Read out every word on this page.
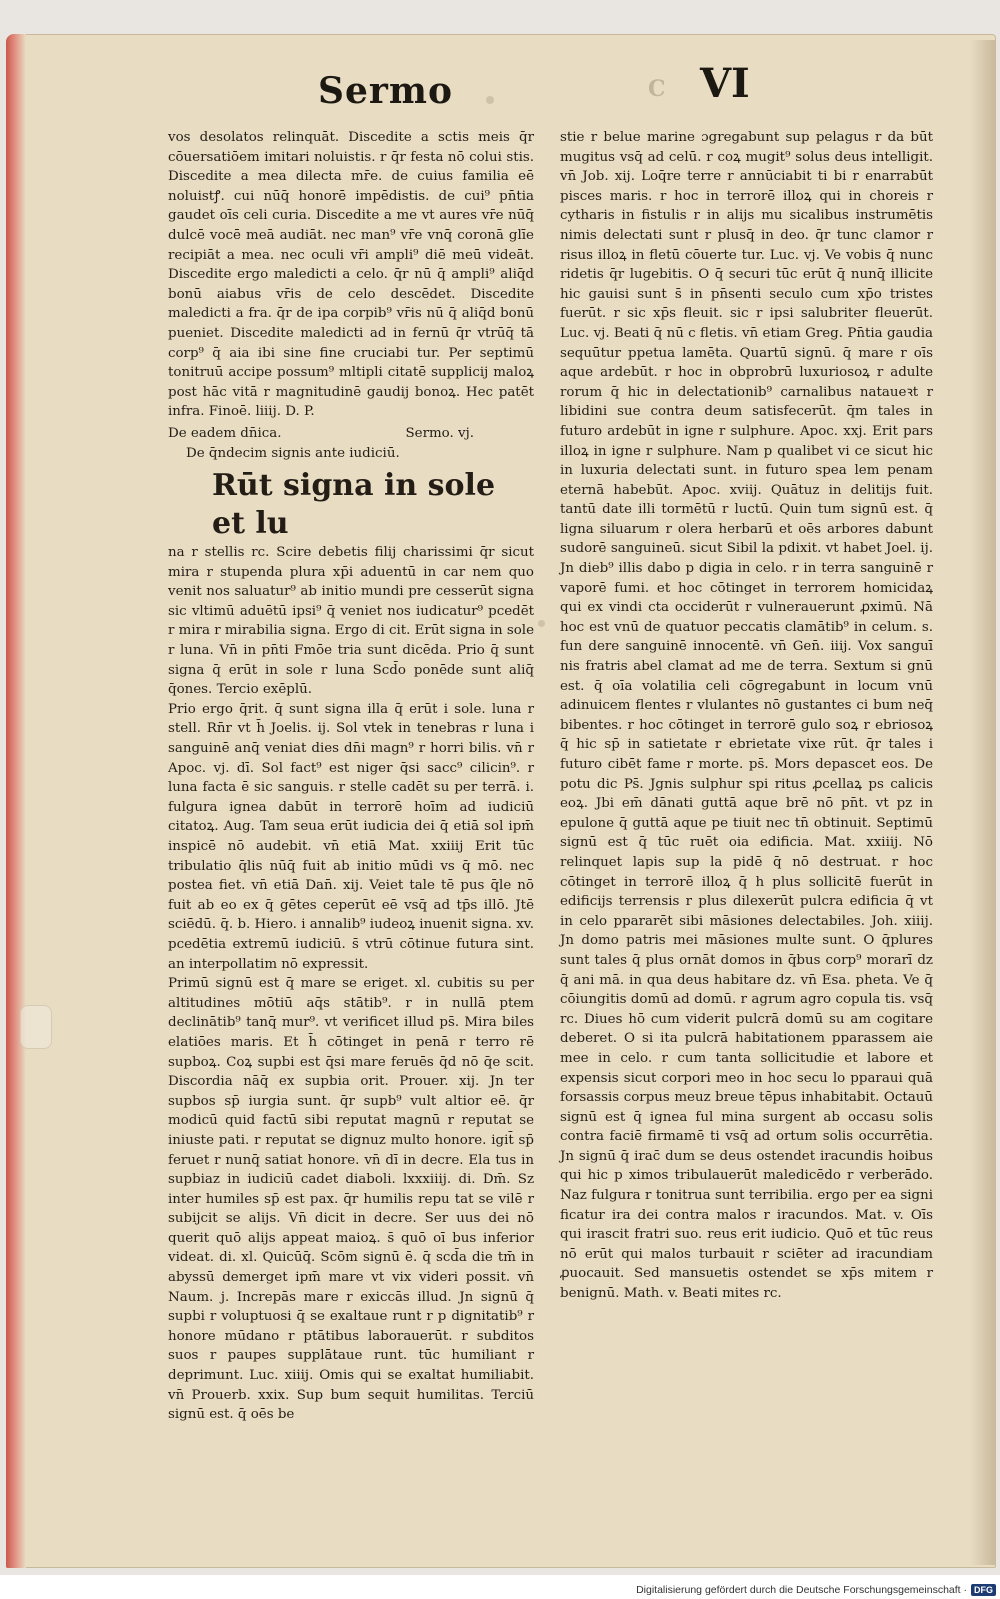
Sermo	C VI

vos desolatos relinquāt. Discedite a sctis meis q̄r cōuersatiōem imitari noluistis. r q̄r festa nō colui stis. Discedite a mea dilecta mr̄e. de cuius familia eē noluistꝭ. cui nūq̄ honorē impēdistis. de cui⁹ pn̄tia gaudet oīs celi curia. Discedite a me vt aures vr̄e nūq̄ dulcē vocē meā audiāt. nec man⁹ vr̄e vnq̄ coronā glīe recipiāt a mea. nec oculi vr̄i ampli⁹ diē meū videāt. Discedite ergo maledicti a celo. q̄r nū q̄ ampli⁹ aliq̄d bonū aiabus vr̄is de celo descēdet. Discedite maledicti a fra. q̄r de ipa corpib⁹ vr̄is nū q̄ aliq̄d bonū pueniet. Discedite maledicti ad in fernū q̄r vtrūq̄ tā corp⁹ q̄ aia ibi sine fine cruciabi tur. Per septimū tonitruū accipe possum⁹ mltipli citatē supplicij maloꝝ post hāc vitā r magnitudinē gaudij bonoꝝ. Hec patēt infra. Finoē. liiij. D. P.

De eadem dn̄ica.	Sermo. vj.

De q̄ndecim signis ante iudiciū.

Rūt signa in sole et lu

na r stellis rc. Scire debetis filij charissimi q̄r sicut mira r stupenda plura xp̄i aduentū in car nem quo venit nos saluatur⁹ ab initio mundi pre cesserūt signa sic vltimū aduētū ipsi⁹ q̄ veniet nos iudicatur⁹ pcedēt r mira r mirabilia signa. Ergo di cit. Erūt signa in sole r luna. Vn̄ in pn̄ti Fmōe tria sunt dicēda. Pri̇o q̄ sunt signa q̄ erūt in sole r luna Scd̄o ponēde sunt aliq̄ q̄ones. Tercio exēplū.

Pri̇o ergo q̄rit. q̄ sunt signa illa q̄ erūt i sole. luna r stell. Rn̄r vt h̄ Joelis. ij. Sol vtek in tenebras r luna i sanguinē anq̄ veniat dies dn̄i magn⁹ r horri bilis. vn̄ r Apoc. vj. dī. Sol fact⁹ est niger q̄si sacc⁹ cilicin⁹. r luna facta ē sic sanguis. r stelle cadēt su per terrā. i. fulgura ignea dabūt in terrorē hoīm ad iudiciū citatoꝝ. Aug. Tam seua erūt iudicia dei q̄ etiā sol ipm̄ inspicē nō audebit. vn̄ etiā Mat. xxiiij Erit tūc tribulatio q̄lis nūq̄ fuit ab initio mūdi vs q̄ mō. nec postea fiet. vn̄ etiā Dan̄. xij. Veiet tale tē pus q̄le nō fuit ab eo ex q̄ gētes ceperūt eē vsq̄ ad tp̄s illō. Jtē sciēdū. q̄. b. Hiero. i annalib⁹ iudeoꝝ inuenit signa. xv. pcedētia extremū iudiciū. s̄ vtrū cōtinue futura sint. an interpollatim nō expressit.

Primū signū est q̄ mare se eriget. xl. cubitis su per altitudines mōtiū aq̄s stātib⁹. r in nullā ptem declinātib⁹ tanq̄ mur⁹. vt verificet illud ps̄. Mira biles elatiōes maris. Et h̄ cōtinget in penā r terro rē supboꝝ. Coꝝ supbi est q̄si mare feruēs q̄d nō q̄e scit. Discordia nāq̄ ex supbia orit. Prouer. xij. Jn ter supbos sp̄ iurgia sunt. q̄r supb⁹ vult altior eē. q̄r modicū quid factū sibi reputat magnū r reputat se iniuste pati. r reputat se dignuz multo honore. igit̄ sp̄ feruet r nunq̄ satiat honore. vn̄ dī in decre. Ela tus in supbiaz in iudiciū cadet diaboli. lxxxiiij. di. Dm̄. Sz inter humiles sp̄ est pax. q̄r humilis repu tat se vilē r subijcit se alijs. Vn̄ dicit in decre. Ser uus dei nō querit quō alijs appeat maioꝝ. s̄ quō oī bus inferior videat. di. xl. Quicūq̄. Scōm signū ē. q̄ scd̄a die tm̄ in abyssū demerget ipm̄ mare vt vix videri possit. vn̄ Naum. j. Increpās mare r exiccās illud. Jn signū q̄ supbi r voluptuosi q̄ se exaltaue runt r p dignitatib⁹ r honore mūdano r ptātibus laborauerūt. r subditos suos r paupes supplātaue runt. tūc humiliant r deprimunt. Luc. xiiij. Omis qui se exaltat humiliabit. vn̄ Prouerb. xxix. Sup bum sequit humilitas. Terciū signū est. q̄ oēs be

stie r belue marine ɔgregabunt sup pelagus r da būt mugitus vsq̄ ad celū. r coꝝ mugit⁹ solus deus intelligit. vn̄ Job. xij. Loq̄re terre r annūciabit ti bi r enarrabūt pisces maris. r hoc in terrorē illoꝝ qui in choreis r cytharis in fistulis r in alijs mu sicalibus instrumētis nimis delectati sunt r plusq̄ in deo. q̄r tunc clamor r risus illoꝝ in fletū cōuerte tur. Luc. vj. Ve vobis q̄ nunc ridetis q̄r lugebitis. O q̄ securi tūc erūt q̄ nunq̄ illicite hic gauisi sunt s̄ in pn̄senti seculo cum xp̄o tristes fuerūt. r sic xp̄s fleuit. sic r ipsi salubriter fleuerūt. Luc. vj. Beati q̄ nū c fletis. vn̄ etiam Greg. Pn̄tia gaudia sequūtur ppetua lamēta. Quartū signū. q̄ mare r oīs aque ardebūt. r hoc in obprobrū luxuriosoꝝ r adulte rorum q̄ hic in delectationib⁹ carnalibus nataueꝛt r libidini sue contra deum satisfecerūt. q̄m tales in futuro ardebūt in igne r sulphure. Apoc. xxj. Erit pars illoꝝ in igne r sulphure. Nam p qualibet vi ce sicut hic in luxuria delectati sunt. in futuro spea lem penam eternā habebūt. Apoc. xviij. Quātuz in delitijs fuit. tantū date illi tormētū r luctū. Quin tum signū est. q̄ ligna siluarum r olera herbarū et oēs arbores dabunt sudorē sanguineū. sicut Sibil la pdixit. vt habet Joel. ij. Jn dieb⁹ illis dabo p digia in celo. r in terra sanguinē r vaporē fumi. et hoc cōtinget in terrorem homicidaꝝ qui ex vindi cta occiderūt r vulnerauerunt ꝓximū. Nā hoc est vnū de quatuor peccatis clamātib⁹ in celum. s. fun dere sanguinē innocentē. vn̄ Gen̄. iiij. Vox sanguī nis fratris abel clamat ad me de terra. Sextum si gnū est. q̄ oīa volatilia celi cōgregabunt in locum vnū adinuicem flentes r vlulantes nō gustantes ci bum neq̄ bibentes. r hoc cōtinget in terrorē gulo soꝝ r ebriosoꝝ q̄ hic sp̄ in satietate r ebrietate vixe rūt. q̄r tales i futuro cibēt fame r morte. ps̄. Mors depascet eos. De potu dic Ps̄. Jgnis sulphur spi ritus ꝓcellaꝝ ps calicis eoꝝ. Jbi em̄ dānati guttā aque brē nō pn̄t. vt pz in epulone q̄ guttā aque pe tiuit nec tn̄ obtinuit. Septimū signū est q̄ tūc ruēt oia edificia. Mat. xxiiij. Nō relinquet lapis sup la pidē q̄ nō destruat. r hoc cōtinget in terrorē illoꝝ q̄ h plus sollicitē fuerūt in edificijs terrensis r plus dilexerūt pulcra edificia q̄ vt in celo ppararēt sibi māsiones delectabiles. Joh. xiiij. Jn domo patris mei māsiones multe sunt. O q̄plures sunt tales q̄ plus ornāt domos in q̄bus corp⁹ morarī dz q̄ ani mā. in qua deus habitare dz. vn̄ Esa. pheta. Ve q̄ cōiungitis domū ad domū. r agrum agro copula tis. vsq̄ rc. Diues hō cum viderit pulcrā domū su am cogitare deberet. O si ita pulcrā habitationem pparassem aie mee in celo. r cum tanta sollicitudie et labore et expensis sicut corpori meo in hoc secu lo pparaui quā forsassis corpus meuz breue tēpus inhabitabit. Octauū signū est q̄ ignea ful mina surgent ab occasu solis contra faciē firmamē ti vsq̄ ad ortum solis occurrētia. Jn signū q̄ irac̄ dum se deus ostendet iracundis hoibus qui hic p ximos tribulauerūt maledicēdo r verberādo. Naz fulgura r tonitrua sunt terribilia. ergo per ea signi ficatur ira dei contra malos r iracundos. Mat. v. Oīs qui irascit fratri suo. reus erit iudicio. Quō et tūc reus nō erūt qui malos turbauit r sciēter ad iracundiam ꝓuocauit. Sed mansuetis ostendet se xp̄s mitem r benignū. Math. v. Beati mites rc.

Digitalisierung gefördert durch die Deutsche Forschungsgemeinschaft · DFG
